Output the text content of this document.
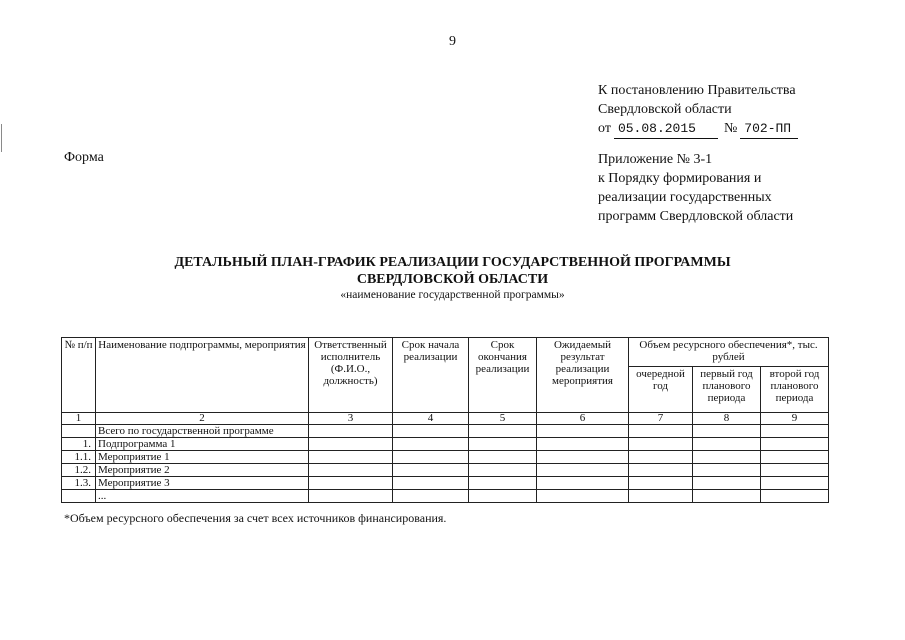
9
К постановлению Правительства
Свердловской области
от 05.08.2015 № 702-ПП
Форма	Приложение № 3-1
к Порядку формирования и
реализации государственных
программ Свердловской области
ДЕТАЛЬНЫЙ ПЛАН-ГРАФИК РЕАЛИЗАЦИИ ГОСУДАРСТВЕННОЙ ПРОГРАММЫ
СВЕРДЛОВСКОЙ ОБЛАСТИ
«наименование государственной программы»
№ п/п	Наименование подпрограммы, мероприятия	Ответственный исполнитель (Ф.И.О., должность)	Срок начала реализации	Срок окончания реализации	Ожидаемый результат реализации мероприятия	Объем ресурсного обеспечения*, тыс. рублей		
						очередной год	первый год планового периода	второй год планового периода
1	2	3	4	5	6	7	8	9
	Всего по государственной программе							
1.	Подпрограмма 1							
1.1.	Мероприятие 1							
1.2.	Мероприятие 2							
1.3.	Мероприятие 3							
	...							
*Объем ресурсного обеспечения за счет всех источников финансирования.
